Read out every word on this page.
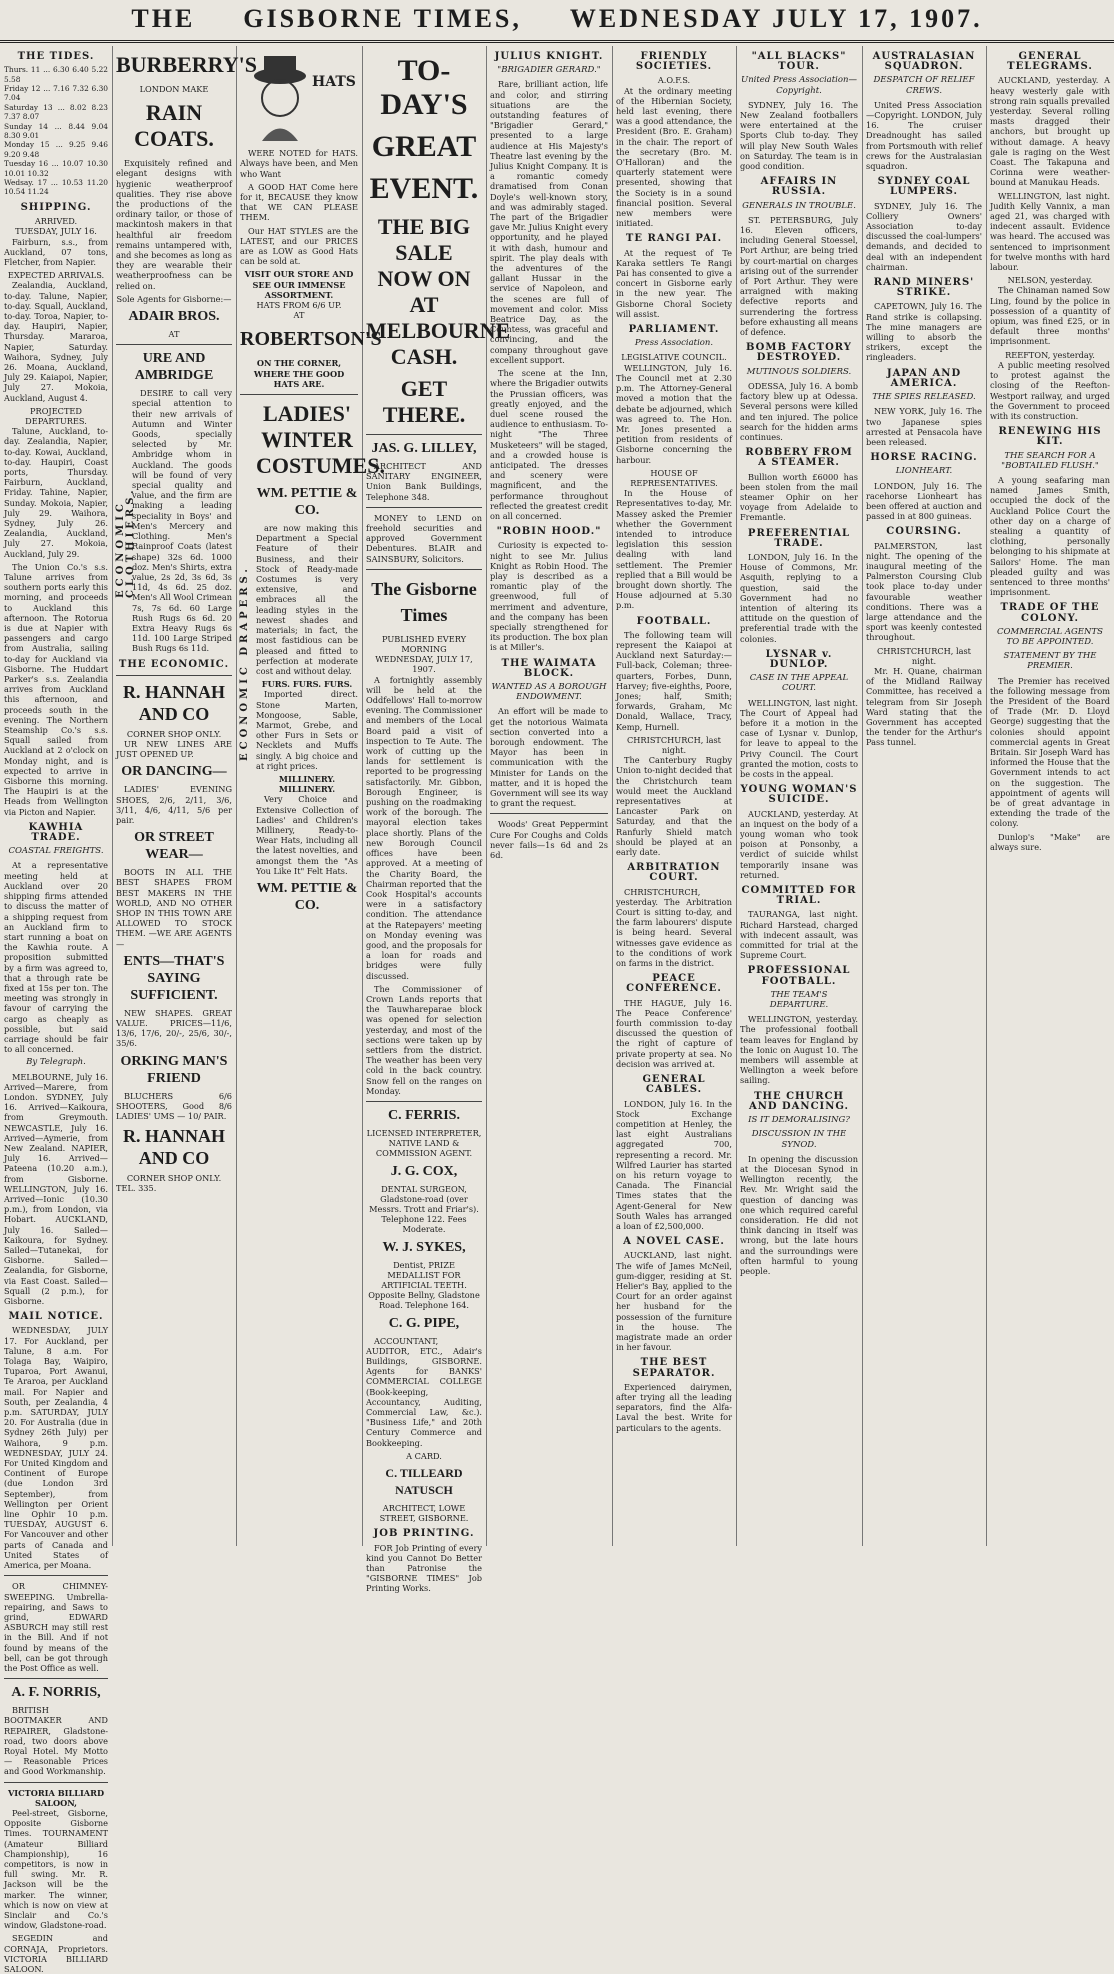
THE GISBORNE TIMES, WEDNESDAY JULY 17, 1907.
THE TIDES.
Thurs. 11 ... 6.30 6.40 5.22 5.58
Friday 12 ... 7.16 7.32 6.30 7.04
Saturday 13 ... 8.02 8.23 7.37 8.07
Sunday 14 ... 8.44 9.04 8.30 9.01
Monday 15 ... 9.25 9.46 9.20 9.48
Tuesday 16 ... 10.07 10.30 10.01 10.32
Wedsay. 17 ... 10.53 11.20 10.54 11.24
SHIPPING.
ARRIVED.
TUESDAY, JULY 16.

Fairburn, s.s., from Auckland, 07 tons, Fletcher, from Napier.

EXPECTED ARRIVALS.

Zealandia, Auckland, to-day. Talune, Napier, to-day. Squall, Auckland, to-day. Toroa, Napier, to-day. Haupiri, Napier, Thursday. Mararoa, Napier, Saturday. Waihora, Sydney, July 26. Moana, Auckland, July 29. Kaiapoi, Napier, July 27. Mokoia, Auckland, August 4.

PROJECTED DEPARTURES.

Talune, Auckland, to-day. Zealandia, Napier, to-day. Kowai, Auckland, to-day. Haupiri, Coast ports, Thursday. Fairburn, Auckland, Friday. Tahine, Napier, Sunday. Mokoia, Napier, July 29. Waihora, Sydney, July 26. Zealandia, Auckland, July 27. Mokoia, Auckland, July 29.

The Union Co.'s s.s. Talune arrives from southern ports early this morning, and proceeds to Auckland this afternoon. The Rotorua is due at Napier with passengers and cargo from Australia, sailing to-day for Auckland via Gisborne. The Huddart Parker's s.s. Zealandia arrives from Auckland this afternoon, and proceeds south in the evening. The Northern Steamship Co.'s s.s. Squall sailed from Auckland at 2 o'clock on Monday night, and is expected to arrive in Gisborne this morning. The Haupiri is at the Heads from Wellington via Picton and Napier.

KAWHIA TRADE.
COASTAL FREIGHTS.

At a representative meeting held at Auckland over 20 shipping firms attended to discuss the matter of a shipping request from an Auckland firm to start running a boat on the Kawhia route. A proposition submitted by a firm was agreed to, that a through rate be fixed at 15s per ton. The meeting was strongly in favour of carrying the cargo as cheaply as possible, but said carriage should be fair to all concerned.

By Telegraph.

MELBOURNE, July 16. Arrived—Marere, from London. SYDNEY, July 16. Arrived—Kaikoura, from Greymouth. NEWCASTLE, July 16. Arrived—Aymerie, from New Zealand. NAPIER, July 16. Arrived—Pateena (10.20 a.m.), from Gisborne. WELLINGTON, July 16. Arrived—Ionic (10.30 p.m.), from London, via Hobart. AUCKLAND, July 16. Sailed—Kaikoura, for Sydney. Sailed—Tutanekai, for Gisborne. Sailed—Zealandia, for Gisborne, via East Coast. Sailed—Squall (2 p.m.), for Gisborne.

MAIL NOTICE.

WEDNESDAY, JULY 17. For Auckland, per Talune, 8 a.m. For Tolaga Bay, Waipiro, Tuparoa, Port Awanui, Te Araroa, per Auckland mail. For Napier and South, per Zealandia, 4 p.m. SATURDAY, JULY 20. For Australia (due in Sydney 26th July) per Waihora, 9 p.m. WEDNESDAY, JULY 24. For United Kingdom and Continent of Europe (due London 3rd September), from Wellington per Orient line Ophir 10 p.m. TUESDAY, AUGUST 6. For Vancouver and other parts of Canada and United States of America, per Moana.

OR CHIMNEY-SWEEPING. Umbrella-repairing, and Saws to grind, EDWARD ASBURCH may still rest in the Bill. And if not found by means of the bell, can be got through the Post Office as well.

A. F. NORRIS,

BRITISH BOOTMAKER AND REPAIRER, Gladstone-road, two doors above Royal Hotel. My Motto — Reasonable Prices and Good Workmanship.

VICTORIA BILLIARD SALOON,

Peel-street, Gisborne, Opposite Gisborne Times. TOURNAMENT (Amateur Billiard Championship), 16 competitors, is now in full swing. Mr. R. Jackson will be the marker. The winner, which is now on view at Sinclair and Co.'s window, Gladstone-road.

SEGEDIN and CORNAJA, Proprietors. VICTORIA BILLIARD SALOON.

BURBERRY'S
LONDON MAKE
RAIN COATS.

Exquisitely refined and elegant designs with hygienic weatherproof qualities. They rise above the productions of the ordinary tailor, or those of mackintosh makers in that healthful air freedom remains untampered with, and she becomes as long as they are wearable their weatherproofness can be relied on.

Sole Agents for Gisborne:—
ADAIR BROS.
AT
URE AND AMBRIDGE
ECONOMIC CLOTHIERS.

DESIRE to call very special attention to their new arrivals of Autumn and Winter Goods, specially selected by Mr. Ambridge whom in Auckland. The goods will be found of very special quality and value, and the firm are making a leading speciality in Boys' and Men's Mercery and Clothing. Men's Rainproof Coats (latest shape) 32s 6d. 1000 doz. Men's Shirts, extra value, 2s 2d, 3s 6d, 3s 11d, 4s 6d. 25 doz. Men's All Wool Crimean 7s, 7s 6d. 60 Large Rush Rugs 6s 6d. 20 Extra Heavy Rugs 6s 11d. 100 Large Striped Bush Rugs 6s 11d.

THE ECONOMIC.
R. HANNAH AND CO
CORNER SHOP ONLY.

UR NEW LINES ARE JUST OPENED UP.

OR DANCING—

LADIES' EVENING SHOES, 2/6, 2/11, 3/6, 3/11, 4/6, 4/11, 5/6 per pair.

OR STREET WEAR—

BOOTS IN ALL THE BEST SHAPES FROM BEST MAKERS IN THE WORLD, AND NO OTHER SHOP IN THIS TOWN ARE ALLOWED TO STOCK THEM. —WE ARE AGENTS—

ENTS—THAT'S SAYING SUFFICIENT.

NEW SHAPES. GREAT VALUE. PRICES—11/6, 13/6, 17/6, 20/-, 25/6, 30/-, 35/6.

ORKING MAN'S FRIEND

BLUCHERS 6/6 SHOOTERS, Good 8/6 LADIES' UMS — 10/ PAIR.

R. HANNAH AND CO
CORNER SHOP ONLY.
TEL. 335.
HATS

WERE NOTED for HATS. Always have been, and Men who Want

A GOOD HAT Come here for it, BECAUSE they know that WE CAN PLEASE THEM.

Our HAT STYLES are the LATEST, and our PRICES are as LOW as Good Hats can be sold at.

VISIT OUR STORE AND SEE OUR IMMENSE ASSORTMENT.
HATS FROM 6/6 UP.
AT
ROBERTSON'S
ON THE CORNER, WHERE THE GOOD HATS ARE.
ECONOMIC DRAPERS.
LADIES' WINTER COSTUMES.
WM. PETTIE & CO.

are now making this Department a Special Feature of their Business, and their Stock of Ready-made Costumes is very extensive, and embraces all the leading styles in the newest shades and materials; in fact, the most fastidious can be pleased and fitted to perfection at moderate cost and without delay.

FURS. FURS. FURS.

Imported direct. Stone Marten, Mongoose, Sable, Marmot, Grebe, and other Furs in Sets or Necklets and Muffs singly. A big choice and at right prices.

MILLINERY. MILLINERY.

Very Choice and Extensive Collection of Ladies' and Children's Millinery, Ready-to-Wear Hats, including all the latest novelties, and amongst them the "As You Like It" Felt Hats.

WM. PETTIE & CO.
TO-DAY'S
GREAT
EVENT.
THE BIG SALE NOW ON AT MELBOURNE CASH.
GET THERE.
JAS. G. LILLEY,

ARCHITECT AND SANITARY ENGINEER, Union Bank Buildings, Telephone 348.

MONEY to LEND on freehold securities and approved Government Debentures. BLAIR and SAINSBURY, Solicitors.

The Gisborne Times
PUBLISHED EVERY MORNING
WEDNESDAY, JULY 17, 1907.

A fortnightly assembly will be held at the Oddfellows' Hall to-morrow evening. The Commissioner and members of the Local Board paid a visit of inspection to Te Aute. The work of cutting up the lands for settlement is reported to be progressing satisfactorily. Mr. Gibbon, Borough Engineer, is pushing on the roadmaking work of the borough. The mayoral election takes place shortly. Plans of the new Borough Council offices have been approved. At a meeting of the Charity Board, the Chairman reported that the Cook Hospital's accounts were in a satisfactory condition. The attendance at the Ratepayers' meeting on Monday evening was good, and the proposals for a loan for roads and bridges were fully discussed.

The Commissioner of Crown Lands reports that the Tauwhareparae block was opened for selection yesterday, and most of the sections were taken up by settlers from the district. The weather has been very cold in the back country. Snow fell on the ranges on Monday.

C. FERRIS.
LICENSED INTERPRETER, NATIVE LAND & COMMISSION AGENT.
J. G. COX,
DENTAL SURGEON, Gladstone-road (over Messrs. Trott and Friar's). Telephone 122. Fees Moderate.
W. J. SYKES,
Dentist, PRIZE MEDALLIST FOR ARTIFICIAL TEETH. Opposite Bellny, Gladstone Road. Telephone 164.
C. G. PIPE,

ACCOUNTANT, AUDITOR, ETC., Adair's Buildings, GISBORNE. Agents for BANKS' COMMERCIAL COLLEGE (Book-keeping, Accountancy, Auditing, Commercial Law, &c.). "Business Life," and 20th Century Commerce and Bookkeeping.

A CARD.
C. TILLEARD NATUSCH
ARCHITECT, LOWE STREET, GISBORNE.
JOB PRINTING.

FOR Job Printing of every kind you Cannot Do Better than Patronise the "GISBORNE TIMES" Job Printing Works.

JULIUS KNIGHT.
"BRIGADIER GERARD."

Rare, brilliant action, life and color, and stirring situations are the outstanding features of "Brigadier Gerard," presented to a large audience at His Majesty's Theatre last evening by the Julius Knight Company. It is a romantic comedy dramatised from Conan Doyle's well-known story, and was admirably staged. The part of the Brigadier gave Mr. Julius Knight every opportunity, and he played it with dash, humour and spirit. The play deals with the adventures of the gallant Hussar in the service of Napoleon, and the scenes are full of movement and color. Miss Beatrice Day, as the Countess, was graceful and convincing, and the company throughout gave excellent support.

The scene at the Inn, where the Brigadier outwits the Prussian officers, was greatly enjoyed, and the duel scene roused the audience to enthusiasm. To-night "The Three Musketeers" will be staged, and a crowded house is anticipated. The dresses and scenery were magnificent, and the performance throughout reflected the greatest credit on all concerned.

"ROBIN HOOD."

Curiosity is expected to-night to see Mr. Julius Knight as Robin Hood. The play is described as a romantic play of the greenwood, full of merriment and adventure, and the company has been specially strengthened for its production. The box plan is at Miller's.

THE WAIMATA BLOCK.
WANTED AS A BOROUGH ENDOWMENT.

An effort will be made to get the notorious Waimata section converted into a borough endowment. The Mayor has been in communication with the Minister for Lands on the matter, and it is hoped the Government will see its way to grant the request.

Woods' Great Peppermint Cure For Coughs and Colds never fails—1s 6d and 2s 6d.

FRIENDLY SOCIETIES.
A.O.F.S.

At the ordinary meeting of the Hibernian Society, held last evening, there was a good attendance, the President (Bro. E. Graham) in the chair. The report of the secretary (Bro. M. O'Halloran) and the quarterly statement were presented, showing that the Society is in a sound financial position. Several new members were initiated.

TE RANGI PAI.

At the request of Te Karaka settlers Te Rangi Pai has consented to give a concert in Gisborne early in the new year. The Gisborne Choral Society will assist.

PARLIAMENT.
Press Association.
LEGISLATIVE COUNCIL.

WELLINGTON, July 16. The Council met at 2.30 p.m. The Attorney-General moved a motion that the debate be adjourned, which was agreed to. The Hon. Mr. Jones presented a petition from residents of Gisborne concerning the harbour.

HOUSE OF REPRESENTATIVES.

In the House of Representatives to-day, Mr. Massey asked the Premier whether the Government intended to introduce legislation this session dealing with land settlement. The Premier replied that a Bill would be brought down shortly. The House adjourned at 5.30 p.m.

FOOTBALL.

The following team will represent the Kaiapoi at Auckland next Saturday:—Full-back, Coleman; three-quarters, Forbes, Dunn, Harvey; five-eighths, Poore, Jones; half, Smith; forwards, Graham, Mc Donald, Wallace, Tracy, Kemp, Hurnell.

CHRISTCHURCH, last night.

The Canterbury Rugby Union to-night decided that the Christchurch team would meet the Auckland representatives at Lancaster Park on Saturday, and that the Ranfurly Shield match should be played at an early date.

ARBITRATION COURT.

CHRISTCHURCH, yesterday. The Arbitration Court is sitting to-day, and the farm labourers' dispute is being heard. Several witnesses gave evidence as to the conditions of work on farms in the district.

PEACE CONFERENCE.

THE HAGUE, July 16. The Peace Conference' fourth commission to-day discussed the question of the right of capture of private property at sea. No decision was arrived at.

GENERAL CABLES.

LONDON, July 16. In the Stock Exchange competition at Henley, the last eight Australians aggregated 700, representing a record. Mr. Wilfred Laurier has started on his return voyage to Canada. The Financial Times states that the Agent-General for New South Wales has arranged a loan of £2,500,000.

A NOVEL CASE.

AUCKLAND, last night. The wife of James McNeil, gum-digger, residing at St. Helier's Bay, applied to the Court for an order against her husband for the possession of the furniture in the house. The magistrate made an order in her favour.

THE BEST SEPARATOR.

Experienced dairymen, after trying all the leading separators, find the Alfa-Laval the best. Write for particulars to the agents.

"ALL BLACKS" TOUR.
United Press Association—Copyright.

SYDNEY, July 16. The New Zealand footballers were entertained at the Sports Club to-day. They will play New South Wales on Saturday. The team is in good condition.

AFFAIRS IN RUSSIA.
GENERALS IN TROUBLE.

ST. PETERSBURG, July 16. Eleven officers, including General Stoessel, Port Arthur, are being tried by court-martial on charges arising out of the surrender of Port Arthur. They were arraigned with making defective reports and surrendering the fortress before exhausting all means of defence.

BOMB FACTORY DESTROYED.
MUTINOUS SOLDIERS.

ODESSA, July 16. A bomb factory blew up at Odessa. Several persons were killed and ten injured. The police search for the hidden arms continues.

ROBBERY FROM A STEAMER.

Bullion worth £6000 has been stolen from the mail steamer Ophir on her voyage from Adelaide to Fremantle.

PREFERENTIAL TRADE.

LONDON, July 16. In the House of Commons, Mr. Asquith, replying to a question, said the Government had no intention of altering its attitude on the question of preferential trade with the colonies.

LYSNAR v. DUNLOP.
CASE IN THE APPEAL COURT.

WELLINGTON, last night. The Court of Appeal had before it a motion in the case of Lysnar v. Dunlop, for leave to appeal to the Privy Council. The Court granted the motion, costs to be costs in the appeal.

YOUNG WOMAN'S SUICIDE.

AUCKLAND, yesterday. At an inquest on the body of a young woman who took poison at Ponsonby, a verdict of suicide whilst temporarily insane was returned.

COMMITTED FOR TRIAL.

TAURANGA, last night. Richard Harstead, charged with indecent assault, was committed for trial at the Supreme Court.

PROFESSIONAL FOOTBALL.
THE TEAM'S DEPARTURE.

WELLINGTON, yesterday. The professional football team leaves for England by the Ionic on August 10. The members will assemble at Wellington a week before sailing.

THE CHURCH AND DANCING.
IS IT DEMORALISING?
DISCUSSION IN THE SYNOD.

In opening the discussion at the Diocesan Synod in Wellington recently, the Rev. Mr. Wright said the question of dancing was one which required careful consideration. He did not think dancing in itself was wrong, but the late hours and the surroundings were often harmful to young people.

AUSTRALASIAN SQUADRON.
DESPATCH OF RELIEF CREWS.

United Press Association—Copyright. LONDON, July 16. The cruiser Dreadnought has sailed from Portsmouth with relief crews for the Australasian squadron.

SYDNEY COAL LUMPERS.

SYDNEY, July 16. The Colliery Owners' Association to-day discussed the coal-lumpers' demands, and decided to deal with an independent chairman.

RAND MINERS' STRIKE.

CAPETOWN, July 16. The Rand strike is collapsing. The mine managers are willing to absorb the strikers, except the ringleaders.

JAPAN AND AMERICA.
THE SPIES RELEASED.

NEW YORK, July 16. The two Japanese spies arrested at Pensacola have been released.

HORSE RACING.
LIONHEART.

LONDON, July 16. The racehorse Lionheart has been offered at auction and passed in at 800 guineas.

COURSING.

PALMERSTON, last night. The opening of the inaugural meeting of the Palmerston Coursing Club took place to-day under favourable weather conditions. There was a large attendance and the sport was keenly contested throughout.

CHRISTCHURCH, last night.

Mr. H. Quane, chairman of the Midland Railway Committee, has received a telegram from Sir Joseph Ward stating that the Government has accepted the tender for the Arthur's Pass tunnel.

GENERAL TELEGRAMS.

AUCKLAND, yesterday. A heavy westerly gale with strong rain squalls prevailed yesterday. Several rolling masts dragged their anchors, but brought up without damage. A heavy gale is raging on the West Coast. The Takapuna and Corinna were weather-bound at Manukau Heads.

WELLINGTON, last night. Judith Kelly Vannix, a man aged 21, was charged with indecent assault. Evidence was heard. The accused was sentenced to imprisonment for twelve months with hard labour.

NELSON, yesterday.

The Chinaman named Sow Ling, found by the police in possession of a quantity of opium, was fined £25, or in default three months' imprisonment.

REEFTON, yesterday.

A public meeting resolved to protest against the closing of the Reefton-Westport railway, and urged the Government to proceed with its construction.

RENEWING HIS KIT.
THE SEARCH FOR A "BOBTAILED FLUSH."

A young seafaring man named James Smith, occupied the dock of the Auckland Police Court the other day on a charge of stealing a quantity of clothing, personally belonging to his shipmate at Sailors' Home. The man pleaded guilty and was sentenced to three months' imprisonment.

TRADE OF THE COLONY.
COMMERCIAL AGENTS TO BE APPOINTED.
STATEMENT BY THE PREMIER.

The Premier has received the following message from the President of the Board of Trade (Mr. D. Lloyd George) suggesting that the colonies should appoint commercial agents in Great Britain. Sir Joseph Ward has informed the House that the Government intends to act on the suggestion. The appointment of agents will be of great advantage in extending the trade of the colony.

Dunlop's "Make" are always sure.
